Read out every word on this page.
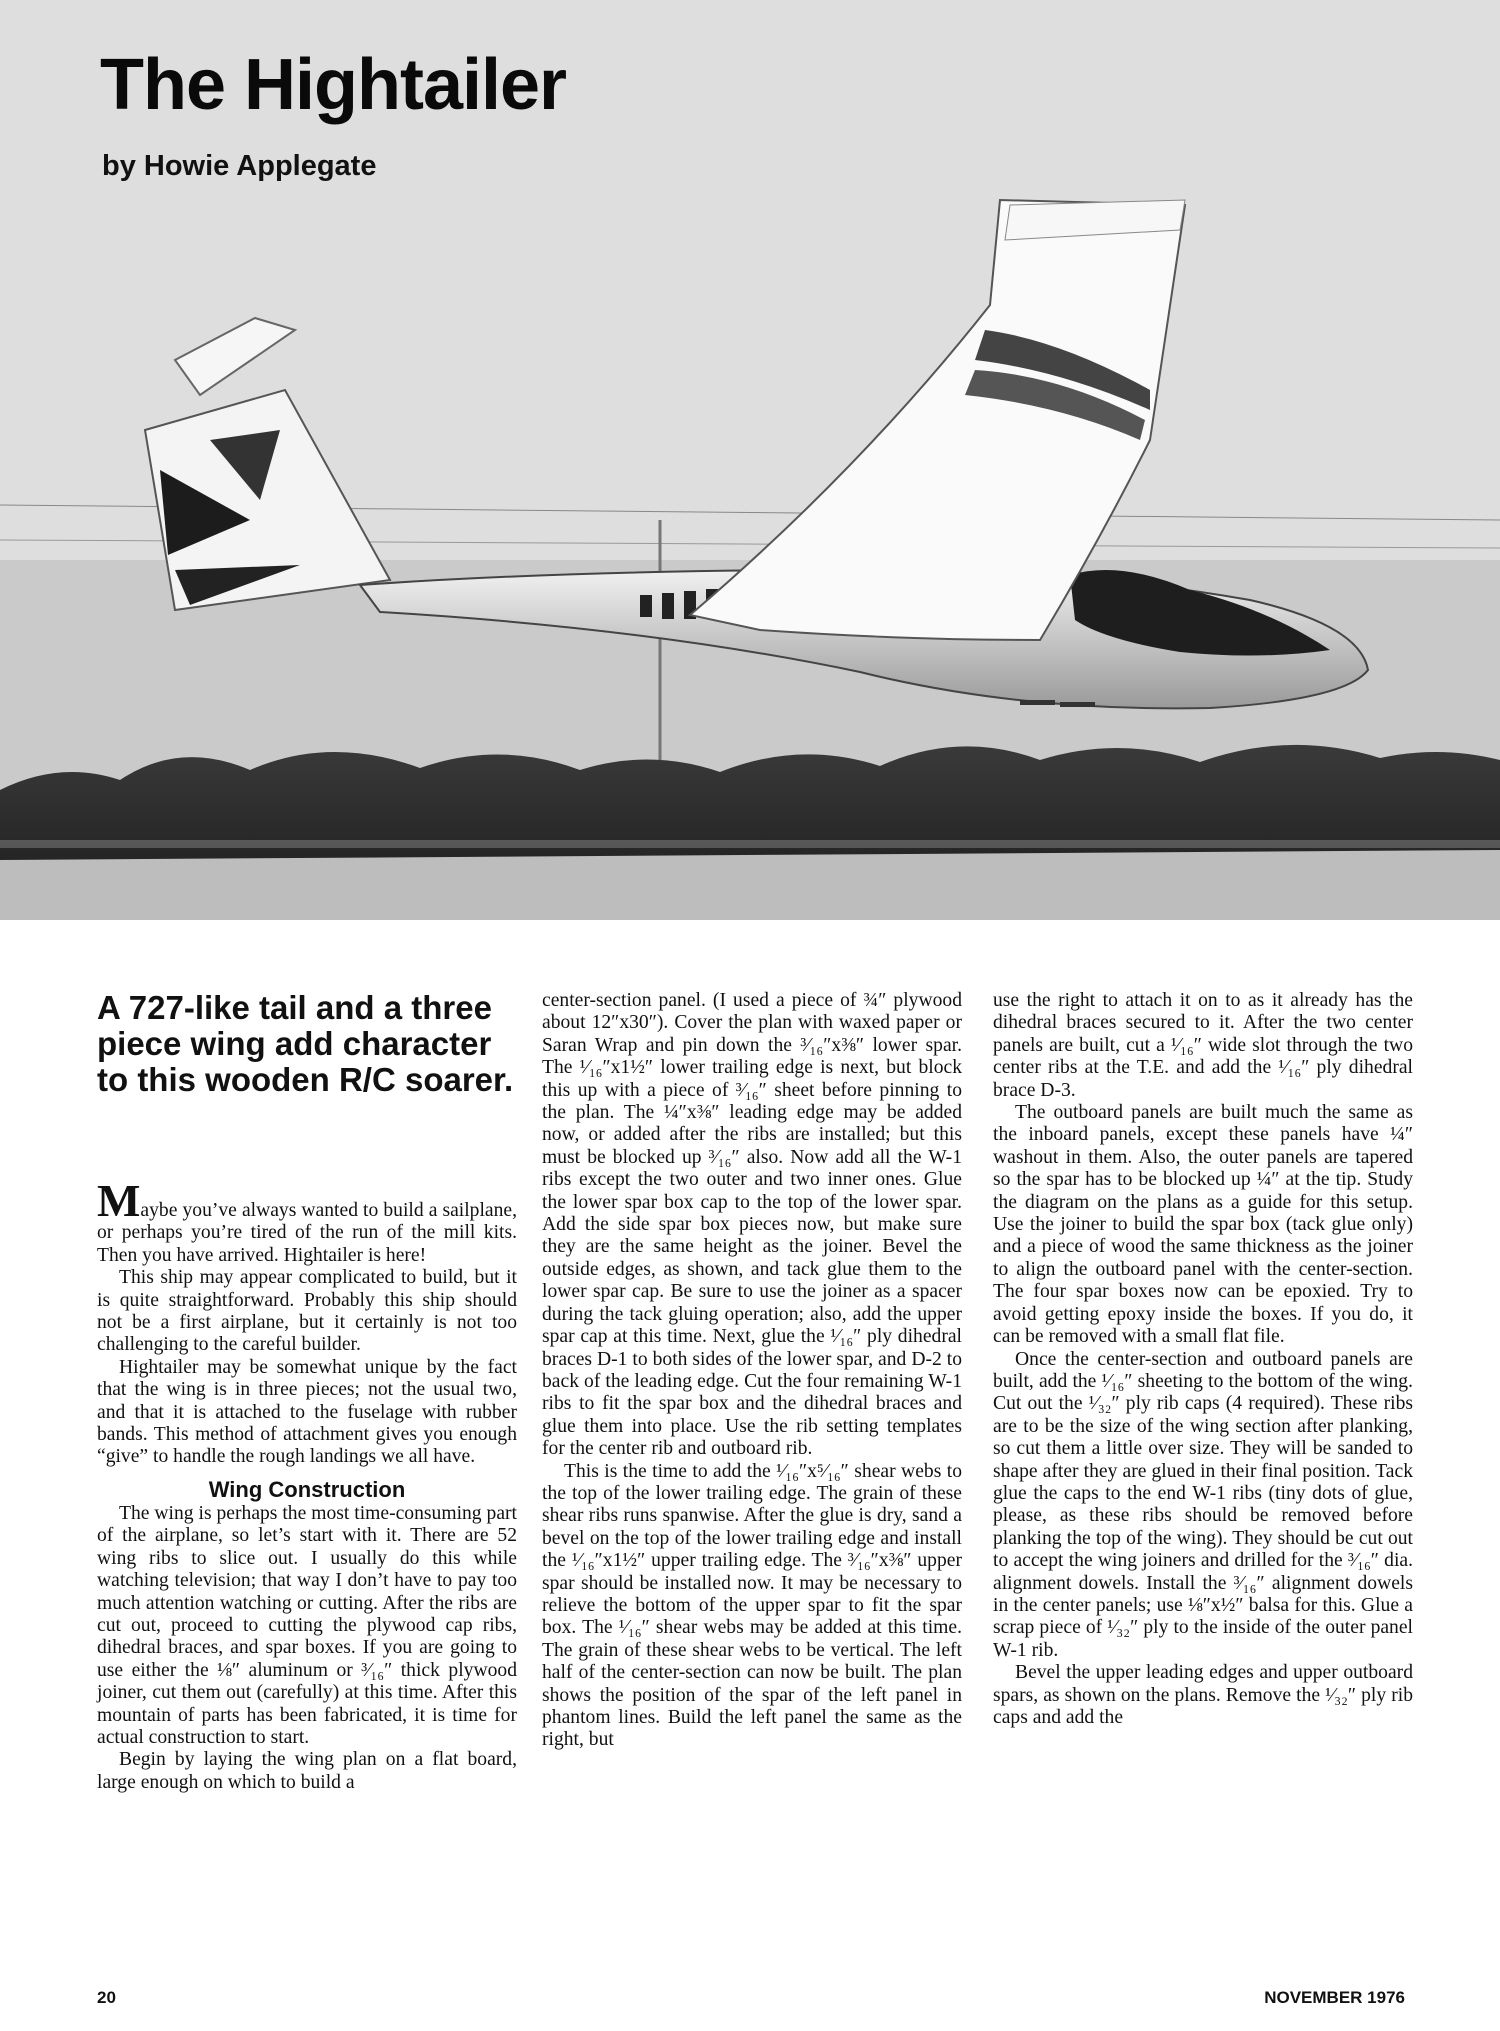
The Hightailer
by Howie Applegate
A 727-like tail and a three piece wing add character to this wooden R/C soarer.

Maybe you’ve always wanted to build a sailplane, or perhaps you’re tired of the run of the mill kits. Then you have arrived. Hightailer is here!

This ship may appear complicated to build, but it is quite straightforward. Probably this ship should not be a first airplane, but it certainly is not too challenging to the careful builder.

Hightailer may be somewhat unique by the fact that the wing is in three pieces; not the usual two, and that it is attached to the fuselage with rubber bands. This method of attachment gives you enough “give” to handle the rough landings we all have.

Wing Construction

The wing is perhaps the most time-consuming part of the airplane, so let’s start with it. There are 52 wing ribs to slice out. I usually do this while watching television; that way I don’t have to pay too much attention watching or cutting. After the ribs are cut out, proceed to cutting the plywood cap ribs, dihedral braces, and spar boxes. If you are going to use either the ⅛″ aluminum or ³⁄₁₆″ thick plywood joiner, cut them out (carefully) at this time. After this mountain of parts has been fabricated, it is time for actual construction to start.

Begin by laying the wing plan on a flat board, large enough on which to build a

center-section panel. (I used a piece of ¾″ plywood about 12″x30″). Cover the plan with waxed paper or Saran Wrap and pin down the ³⁄₁₆″x⅜″ lower spar. The ¹⁄₁₆″x1½″ lower trailing edge is next, but block this up with a piece of ³⁄₁₆″ sheet before pinning to the plan. The ¼″x⅜″ leading edge may be added now, or added after the ribs are installed; but this must be blocked up ³⁄₁₆″ also. Now add all the W-1 ribs except the two outer and two inner ones. Glue the lower spar box cap to the top of the lower spar. Add the side spar box pieces now, but make sure they are the same height as the joiner. Bevel the outside edges, as shown, and tack glue them to the lower spar cap. Be sure to use the joiner as a spacer during the tack gluing operation; also, add the upper spar cap at this time. Next, glue the ¹⁄₁₆″ ply dihedral braces D-1 to both sides of the lower spar, and D-2 to back of the leading edge. Cut the four remaining W-1 ribs to fit the spar box and the dihedral braces and glue them into place. Use the rib setting templates for the center rib and outboard rib.

This is the time to add the ¹⁄₁₆″x⁵⁄₁₆″ shear webs to the top of the lower trailing edge. The grain of these shear ribs runs spanwise. After the glue is dry, sand a bevel on the top of the lower trailing edge and install the ¹⁄₁₆″x1½″ upper trailing edge. The ³⁄₁₆″x⅜″ upper spar should be installed now. It may be necessary to relieve the bottom of the upper spar to fit the spar box. The ¹⁄₁₆″ shear webs may be added at this time. The grain of these shear webs to be vertical. The left half of the center-section can now be built. The plan shows the position of the spar of the left panel in phantom lines. Build the left panel the same as the right, but

use the right to attach it on to as it already has the dihedral braces secured to it. After the two center panels are built, cut a ¹⁄₁₆″ wide slot through the two center ribs at the T.E. and add the ¹⁄₁₆″ ply dihedral brace D-3.

The outboard panels are built much the same as the inboard panels, except these panels have ¼″ washout in them. Also, the outer panels are tapered so the spar has to be blocked up ¼″ at the tip. Study the diagram on the plans as a guide for this setup. Use the joiner to build the spar box (tack glue only) and a piece of wood the same thickness as the joiner to align the outboard panel with the center-section. The four spar boxes now can be epoxied. Try to avoid getting epoxy inside the boxes. If you do, it can be removed with a small flat file.

Once the center-section and outboard panels are built, add the ¹⁄₁₆″ sheeting to the bottom of the wing. Cut out the ¹⁄₃₂″ ply rib caps (4 required). These ribs are to be the size of the wing section after planking, so cut them a little over size. They will be sanded to shape after they are glued in their final position. Tack glue the caps to the end W-1 ribs (tiny dots of glue, please, as these ribs should be removed before planking the top of the wing). They should be cut out to accept the wing joiners and drilled for the ³⁄₁₆″ dia. alignment dowels. Install the ³⁄₁₆″ alignment dowels in the center panels; use ⅛″x½″ balsa for this. Glue a scrap piece of ¹⁄₃₂″ ply to the inside of the outer panel W-1 rib.

Bevel the upper leading edges and upper outboard spars, as shown on the plans. Remove the ¹⁄₃₂″ ply rib caps and add the

20	NOVEMBER 1976
